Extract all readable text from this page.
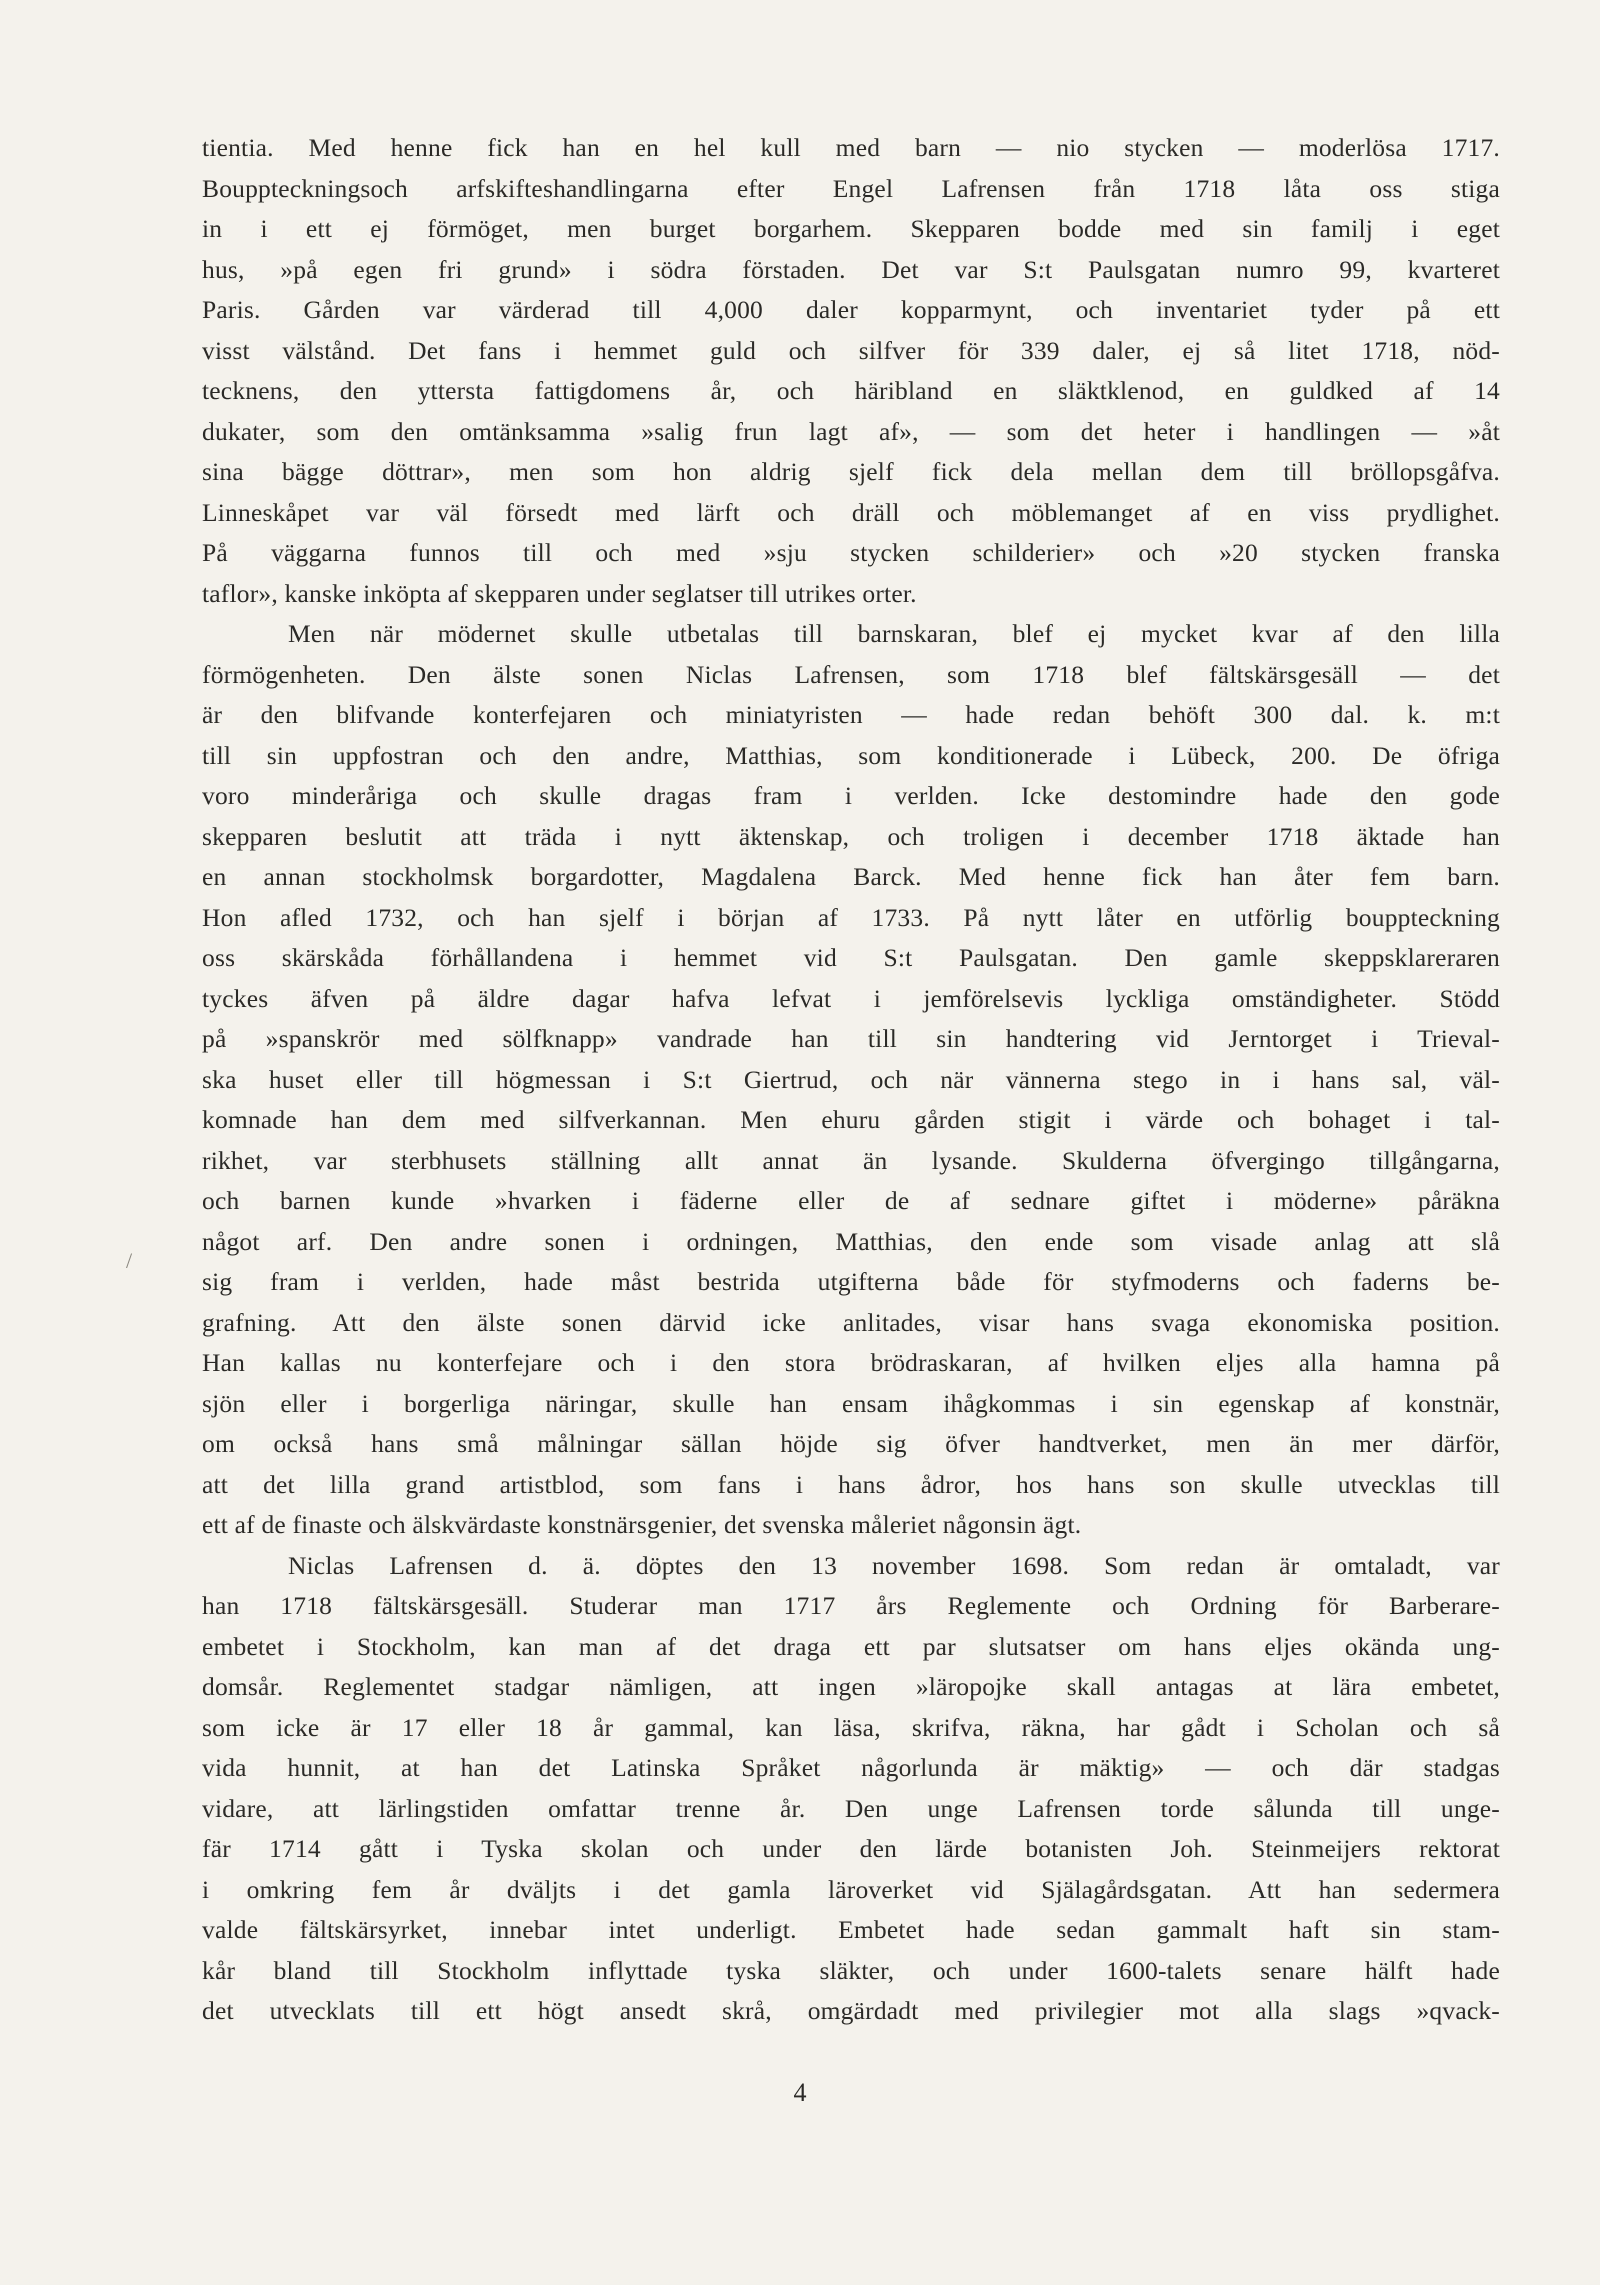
tientia. Med henne fick han en hel kull med barn — nio stycken — moderlösa 1717.
Bouppteckningsoch arfskifteshandlingarna efter Engel Lafrensen från 1718 låta oss stiga
in i ett ej förmöget, men burget borgarhem. Skepparen bodde med sin familj i eget
hus, »på egen fri grund» i södra förstaden. Det var S:t Paulsgatan numro 99, kvarteret
Paris. Gården var värderad till 4,000 daler kopparmynt, och inventariet tyder på ett
visst välstånd. Det fans i hemmet guld och silfver för 339 daler, ej så litet 1718, nöd-
tecknens, den yttersta fattigdomens år, och häribland en släktklenod, en guldked af 14
dukater, som den omtänksamma »salig frun lagt af», — som det heter i handlingen — »åt
sina bägge döttrar», men som hon aldrig sjelf fick dela mellan dem till bröllopsgåfva.
Linneskåpet var väl försedt med lärft och dräll och möblemanget af en viss prydlighet.
På väggarna funnos till och med »sju stycken schilderier» och »20 stycken franska
taflor», kanske inköpta af skepparen under seglatser till utrikes orter.
Men när mödernet skulle utbetalas till barnskaran, blef ej mycket kvar af den lilla
förmögenheten. Den älste sonen Niclas Lafrensen, som 1718 blef fältskärsgesäll — det
är den blifvande konterfejaren och miniatyristen — hade redan behöft 300 dal. k. m:t
till sin uppfostran och den andre, Matthias, som konditionerade i Lübeck, 200. De öfriga
voro minderåriga och skulle dragas fram i verlden. Icke destomindre hade den gode
skepparen beslutit att träda i nytt äktenskap, och troligen i december 1718 äktade han
en annan stockholmsk borgardotter, Magdalena Barck. Med henne fick han åter fem barn.
Hon afled 1732, och han sjelf i början af 1733. På nytt låter en utförlig bouppteckning
oss skärskåda förhållandena i hemmet vid S:t Paulsgatan. Den gamle skeppsklareraren
tyckes äfven på äldre dagar hafva lefvat i jemförelsevis lyckliga omständigheter. Stödd
på »spanskrör med sölfknapp» vandrade han till sin handtering vid Jerntorget i Trieval-
ska huset eller till högmessan i S:t Giertrud, och när vännerna stego in i hans sal, väl-
komnade han dem med silfverkannan. Men ehuru gården stigit i värde och bohaget i tal-
rikhet, var sterbhusets ställning allt annat än lysande. Skulderna öfvergingo tillgångarna,
och barnen kunde »hvarken i fäderne eller de af sednare giftet i möderne» påräkna
något arf. Den andre sonen i ordningen, Matthias, den ende som visade anlag att slå
sig fram i verlden, hade måst bestrida utgifterna både för styfmoderns och faderns be-
grafning. Att den älste sonen därvid icke anlitades, visar hans svaga ekonomiska position.
Han kallas nu konterfejare och i den stora brödraskaran, af hvilken eljes alla hamna på
sjön eller i borgerliga näringar, skulle han ensam ihågkommas i sin egenskap af konstnär,
om också hans små målningar sällan höjde sig öfver handtverket, men än mer därför,
att det lilla grand artistblod, som fans i hans ådror, hos hans son skulle utvecklas till
ett af de finaste och älskvärdaste konstnärsgenier, det svenska måleriet någonsin ägt.
Niclas Lafrensen d. ä. döptes den 13 november 1698. Som redan är omtaladt, var
han 1718 fältskärsgesäll. Studerar man 1717 års Reglemente och Ordning för Barberare-
embetet i Stockholm, kan man af det draga ett par slutsatser om hans eljes okända ung-
domsår. Reglementet stadgar nämligen, att ingen »läropojke skall antagas at lära embetet,
som icke är 17 eller 18 år gammal, kan läsa, skrifva, räkna, har gådt i Scholan och så
vida hunnit, at han det Latinska Språket någorlunda är mäktig» — och där stadgas
vidare, att lärlingstiden omfattar trenne år. Den unge Lafrensen torde sålunda till unge-
fär 1714 gått i Tyska skolan och under den lärde botanisten Joh. Steinmeijers rektorat
i omkring fem år dväljts i det gamla läroverket vid Själagårdsgatan. Att han sedermera
valde fältskärsyrket, innebar intet underligt. Embetet hade sedan gammalt haft sin stam-
kår bland till Stockholm inflyttade tyska släkter, och under 1600-talets senare hälft hade
det utvecklats till ett högt ansedt skrå, omgärdadt med privilegier mot alla slags »qvack-
/
4
